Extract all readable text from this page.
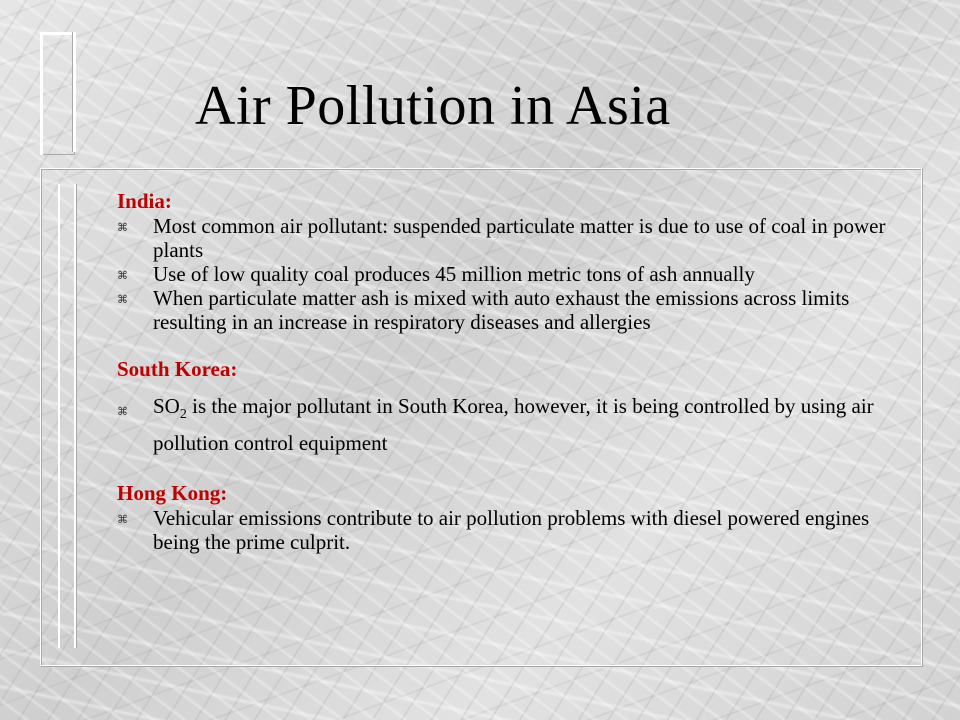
Air Pollution in Asia

India:

⌘ Most common air pollutant: suspended particulate matter is due to use of coal in power plants
⌘ Use of low quality coal produces 45 million metric tons of ash annually
⌘ When particulate matter ash is mixed with auto exhaust the emissions across limits resulting in an increase in respiratory diseases and allergies

South Korea:

⌘ $SO_2$ is the major pollutant in South Korea, however, it is being controlled by using air pollution control equipment

Hong Kong:

⌘ Vehicular emissions contribute to air pollution problems with diesel powered engines being the prime culprit.
